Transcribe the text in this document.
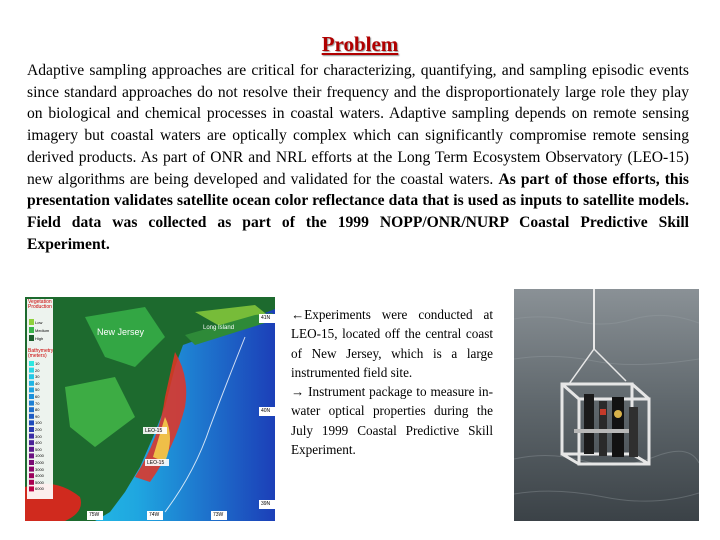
Problem
Adaptive sampling approaches are critical for characterizing, quantifying, and sampling episodic events since standard approaches do not resolve their frequency and the disproportionately large role they play on biological and chemical processes in coastal waters. Adaptive sampling depends on remote sensing imagery but coastal waters are optically complex which can significantly compromise remote sensing derived products. As part of ONR and NRL efforts at the Long Term Ecosystem Observatory (LEO-15) new algorithms are being developed and validated for the coastal waters. As part of those efforts, this presentation validates satellite ocean color reflectance data that is used as inputs to satellite models. Field data was collected as part of the 1999 NOPP/ONR/NURP Coastal Predictive Skill Experiment.
Vegetation Production
Bathymetry (meters)
Low
Medium
High
10
20
30
40
50
60
70
80
90
100
200
300
400
500
1000
2000
3000
4000
5000
6000
New Jersey	Long Island
41N
40N
39N
75W	74W	73W
LEO-15
LEO-15
←Experiments were conducted at LEO-15, located off the central coast of New Jersey, which is a large instrumented field site.
→ Instrument package to measure in-water optical properties during the July 1999 Coastal Predictive Skill Experiment.
